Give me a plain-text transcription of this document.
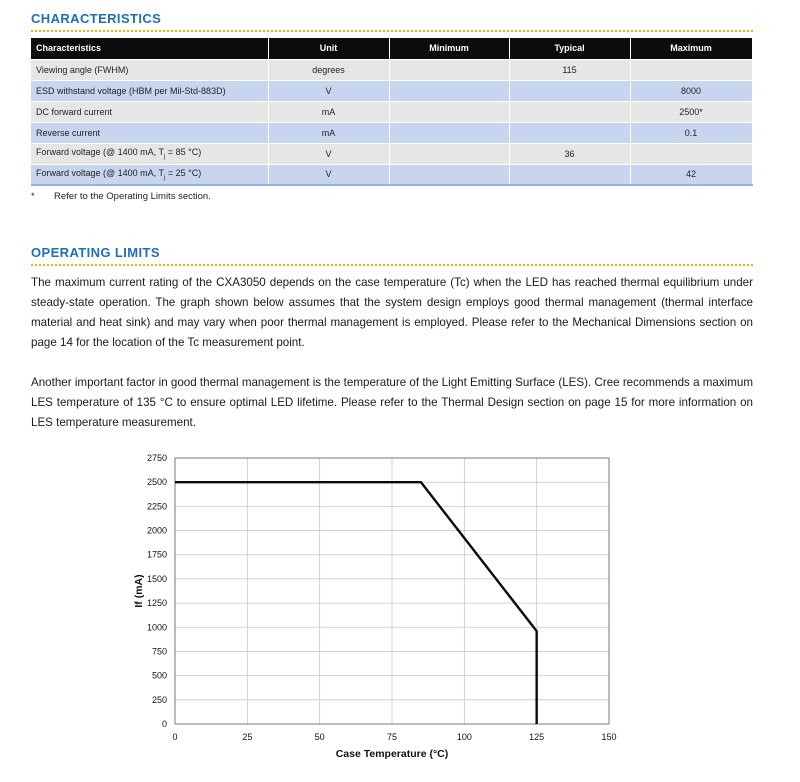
CHARACTERISTICS
Characteristics	Unit	Minimum	Typical	Maximum
Viewing angle (FWHM)	degrees		115	
ESD withstand voltage (HBM per Mil-Std-883D)	V			8000
DC forward current	mA			2500*
Reverse current	mA			0.1
Forward voltage (@ 1400 mA, $T_j = 85$ °C)	V		36	
Forward voltage (@ 1400 mA, $T_j = 25$ °C)	V			42
* Refer to the Operating Limits section.
OPERATING LIMITS

The maximum current rating of the CXA3050 depends on the case temperature (Tc) when the LED has reached thermal equilibrium under steady-state operation. The graph shown below assumes that the system design employs good thermal management (thermal interface material and heat sink) and may vary when poor thermal management is employed. Please refer to the Mechanical Dimensions section on page 14 for the location of the Tc measurement point.

Another important factor in good thermal management is the temperature of the Light Emitting Surface (LES). Cree recommends a maximum LES temperature of 135 °C to ensure optimal LED lifetime. Please refer to the Thermal Design section on page 15 for more information on LES temperature measurement.

0	25	50	75	100	125	150
0
250
500
750
1000
1250
1500
1750
2000
2250
2500
2750
Case Temperature (°C)
If (mA)
